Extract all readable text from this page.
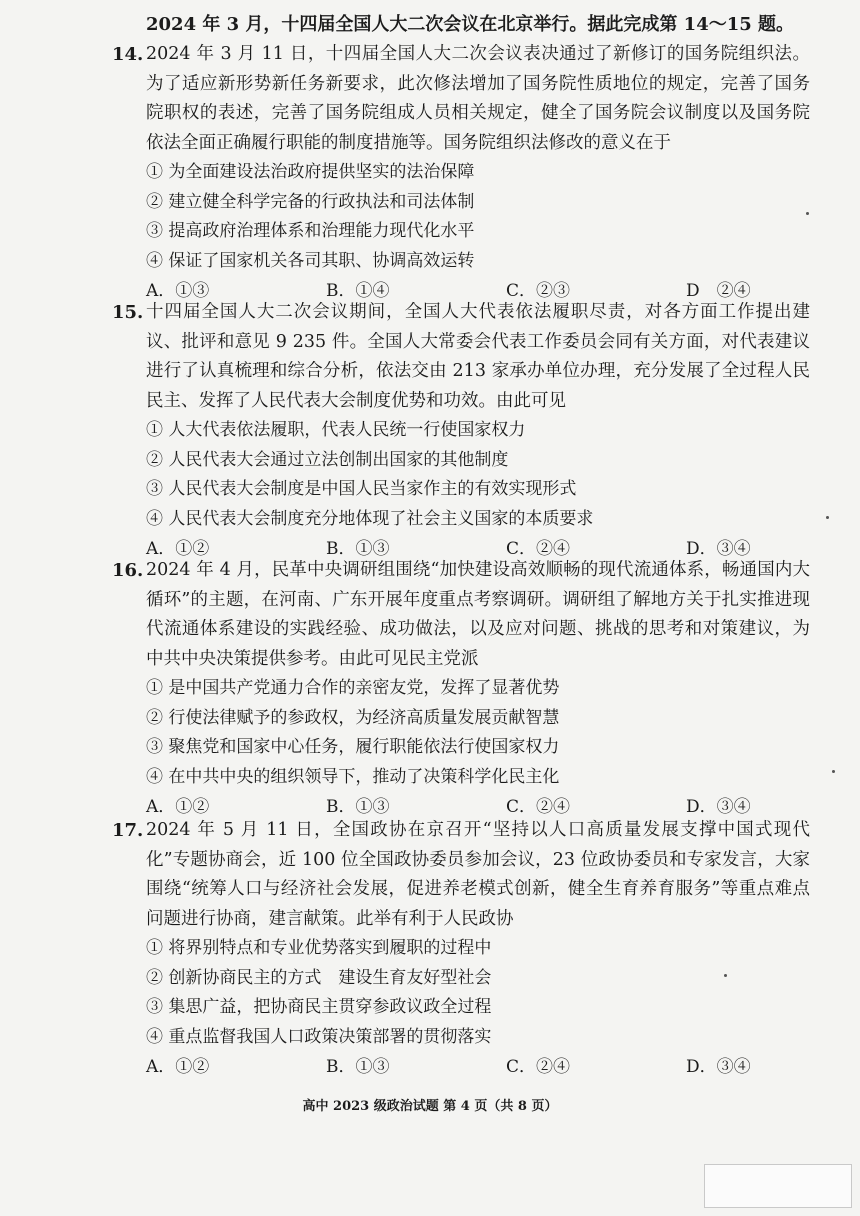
2024 年 3 月，十四届全国人大二次会议在北京举行。据此完成第 14～15 题。
14. 2024 年 3 月 11 日，十四届全国人大二次会议表决通过了新修订的国务院组织法。为了适应新形势新任务新要求，此次修法增加了国务院性质地位的规定，完善了国务院职权的表述，完善了国务院组成人员相关规定，健全了国务院会议制度以及国务院依法全面正确履行职能的制度措施等。国务院组织法修改的意义在于
① 为全面建设法治政府提供坚实的法治保障
② 建立健全科学完备的行政执法和司法体制
③ 提高政府治理体系和治理能力现代化水平
④ 保证了国家机关各司其职、协调高效运转
A．①③	B．①④	C．②③	D　②④
15. 十四届全国人大二次会议期间，全国人大代表依法履职尽责，对各方面工作提出建议、批评和意见 9 235 件。全国人大常委会代表工作委员会同有关方面，对代表建议进行了认真梳理和综合分析，依法交由 213 家承办单位办理，充分发展了全过程人民民主、发挥了人民代表大会制度优势和功效。由此可见
① 人大代表依法履职，代表人民统一行使国家权力
② 人民代表大会通过立法创制出国家的其他制度
③ 人民代表大会制度是中国人民当家作主的有效实现形式
④ 人民代表大会制度充分地体现了社会主义国家的本质要求
A．①②	B．①③	C．②④	D．③④
16. 2024 年 4 月，民革中央调研组围绕“加快建设高效顺畅的现代流通体系，畅通国内大循环”的主题，在河南、广东开展年度重点考察调研。调研组了解地方关于扎实推进现代流通体系建设的实践经验、成功做法，以及应对问题、挑战的思考和对策建议，为中共中央决策提供参考。由此可见民主党派
① 是中国共产党通力合作的亲密友党，发挥了显著优势
② 行使法律赋予的参政权，为经济高质量发展贡献智慧
③ 聚焦党和国家中心任务，履行职能依法行使国家权力
④ 在中共中央的组织领导下，推动了决策科学化民主化
A．①②	B．①③	C．②④	D．③④
17. 2024 年 5 月 11 日，全国政协在京召开“坚持以人口高质量发展支撑中国式现代化”专题协商会，近 100 位全国政协委员参加会议，23 位政协委员和专家发言，大家围绕“统筹人口与经济社会发展，促进养老模式创新，健全生育养育服务”等重点难点问题进行协商，建言献策。此举有利于人民政协
① 将界别特点和专业优势落实到履职的过程中
② 创新协商民主的方式　建设生育友好型社会
③ 集思广益，把协商民主贯穿参政议政全过程
④ 重点监督我国人口政策决策部署的贯彻落实
A．①②	B．①③	C．②④	D．③④
高中 2023 级政治试题 第 4 页（共 8 页）
